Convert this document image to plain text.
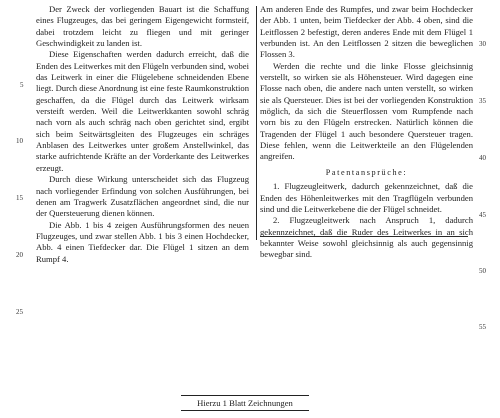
Der Zweck der vorliegenden Bauart ist die Schaffung eines Flugzeuges, das bei geringem Eigengewicht formsteif, dabei trotzdem leicht zu fliegen und mit geringer Geschwindigkeit zu landen ist.

Diese Eigenschaften werden dadurch erreicht, daß die Enden des Leitwerkes mit den Flügeln verbunden sind, wobei das Leitwerk in einer die Flügelebene schneidenden Ebene liegt. Durch diese Anordnung ist eine feste Raumkonstruktion geschaffen, da die Flügel durch das Leitwerk wirksam versteift werden. Weil die Leitwerkkanten sowohl schräg nach vorn als auch schräg nach oben gerichtet sind, ergibt sich beim Seitwärtsgleiten des Flugzeuges ein schräges Anblasen des Leitwerkes unter großem Anstellwinkel, das starke aufrichtende Kräfte an der Vorderkante des Leitwerkes erzeugt.

Durch diese Wirkung unterscheidet sich das Flugzeug nach vorliegender Erfindung von solchen Ausführungen, bei denen am Tragwerk Zusatzflächen angeordnet sind, die nur der Quersteuerung dienen können.

Die Abb. 1 bis 4 zeigen Ausführungsformen des neuen Flugzeuges, und zwar stellen Abb. 1 bis 3 einen Hochdecker, Abb. 4 einen Tiefdecker dar. Die Flügel 1 sitzen an dem Rumpf 4.

Am anderen Ende des Rumpfes, und zwar beim Hochdecker der Abb. 1 unten, beim Tiefdecker der Abb. 4 oben, sind die Leitflossen 2 befestigt, deren anderes Ende mit dem Flügel 1 verbunden ist. An den Leitflossen 2 sitzen die beweglichen Flossen 3.

Werden die rechte und die linke Flosse gleichsinnig verstellt, so wirken sie als Höhensteuer. Wird dagegen eine Flosse nach oben, die andere nach unten verstellt, so wirken sie als Quersteuer. Dies ist bei der vorliegenden Konstruktion möglich, da sich die Steuerflossen vom Rumpfende nach vorn bis zu den Flügeln erstrecken. Natürlich können die Tragenden der Flügel 1 auch besondere Quersteuer tragen. Diese fehlen, wenn die Leitwerkteile an den Flügelenden angreifen.

Patentansprüche:

1. Flugzeugleitwerk, dadurch gekennzeichnet, daß die Enden des Höhenleitwerkes mit den Tragflügeln verbunden sind und die Leitwerkebene die der Flügel schneidet.

2. Flugzeugleitwerk nach Anspruch 1, dadurch gekennzeichnet, daß die Ruder des Leitwerkes in an sich bekannter Weise sowohl gleichsinnig als auch gegensinnig bewegbar sind.

5
10
15
20
25
30
35
40
45
50
55
Hierzu 1 Blatt Zeichnungen
